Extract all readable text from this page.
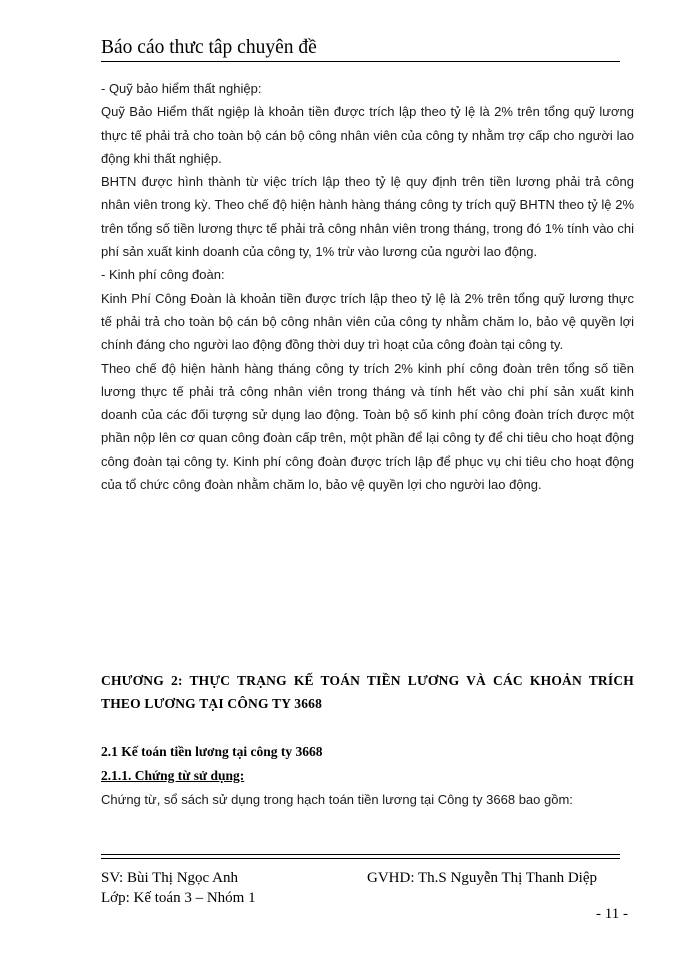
Báo cáo thưc tâp chuyên đề

- Quỹ bảo hiểm thất nghiệp:

Quỹ Bảo Hiểm thất ngiệp là khoản tiền được trích lập theo tỷ lệ là 2% trên tổng quỹ lương thực tế phải trả cho toàn bộ cán bộ công nhân viên của công ty nhằm trợ cấp cho người lao động khi thất nghiệp.

BHTN được hình thành từ việc trích lập theo tỷ lệ quy định trên tiền lương phải trả công nhân viên trong kỳ. Theo chế độ hiện hành hàng tháng công ty trích quỹ BHTN theo tỷ lệ 2% trên tổng số tiền lương thực tế phải trả công nhân viên trong tháng, trong đó 1% tính vào chi phí sản xuất kinh doanh của công ty, 1% trừ vào lương của người lao động.

- Kinh phí công đoàn:

Kinh Phí Công Đoàn là khoản tiền được trích lập theo tỷ lệ là 2% trên tổng quỹ lương thực tế phải trả cho toàn bộ cán bộ công nhân viên của công ty nhằm chăm lo, bảo vệ quyền lợi chính đáng cho người lao động đồng thời duy trì hoạt của công đoàn tại công ty.

Theo chế độ hiện hành hàng tháng công ty trích 2% kinh phí công đoàn trên tổng số tiền lương thực tế phải trả công nhân viên trong tháng và tính hết vào chi phí sản xuất kinh doanh của các đối tượng sử dụng lao động. Toàn bộ số kinh phí công đoàn trích được một phần nộp lên cơ quan công đoàn cấp trên, một phần để lại công ty để chi tiêu cho hoạt động công đoàn tại công ty. Kinh phí công đoàn được trích lập để phục vụ chi tiêu cho hoạt động của tổ chức công đoàn nhằm chăm lo, bảo vệ quyền lợi cho người lao động.

CHƯƠNG 2: THỰC TRẠNG KẾ TOÁN TIỀN LƯƠNG VÀ CÁC KHOẢN TRÍCH THEO LƯƠNG TẠI CÔNG TY 3668
2.1 Kế toán tiền lương tại công ty 3668
2.1.1. Chứng từ sử dụng:
Chứng từ, sổ sách sử dụng trong hạch toán tiền lương tại Công ty 3668 bao gồm:
SV: Bùi Thị Ngọc Anh	GVHD: Th.S Nguyễn Thị Thanh Diệp
Lớp: Kế toán 3 – Nhóm 1
- 11 -
